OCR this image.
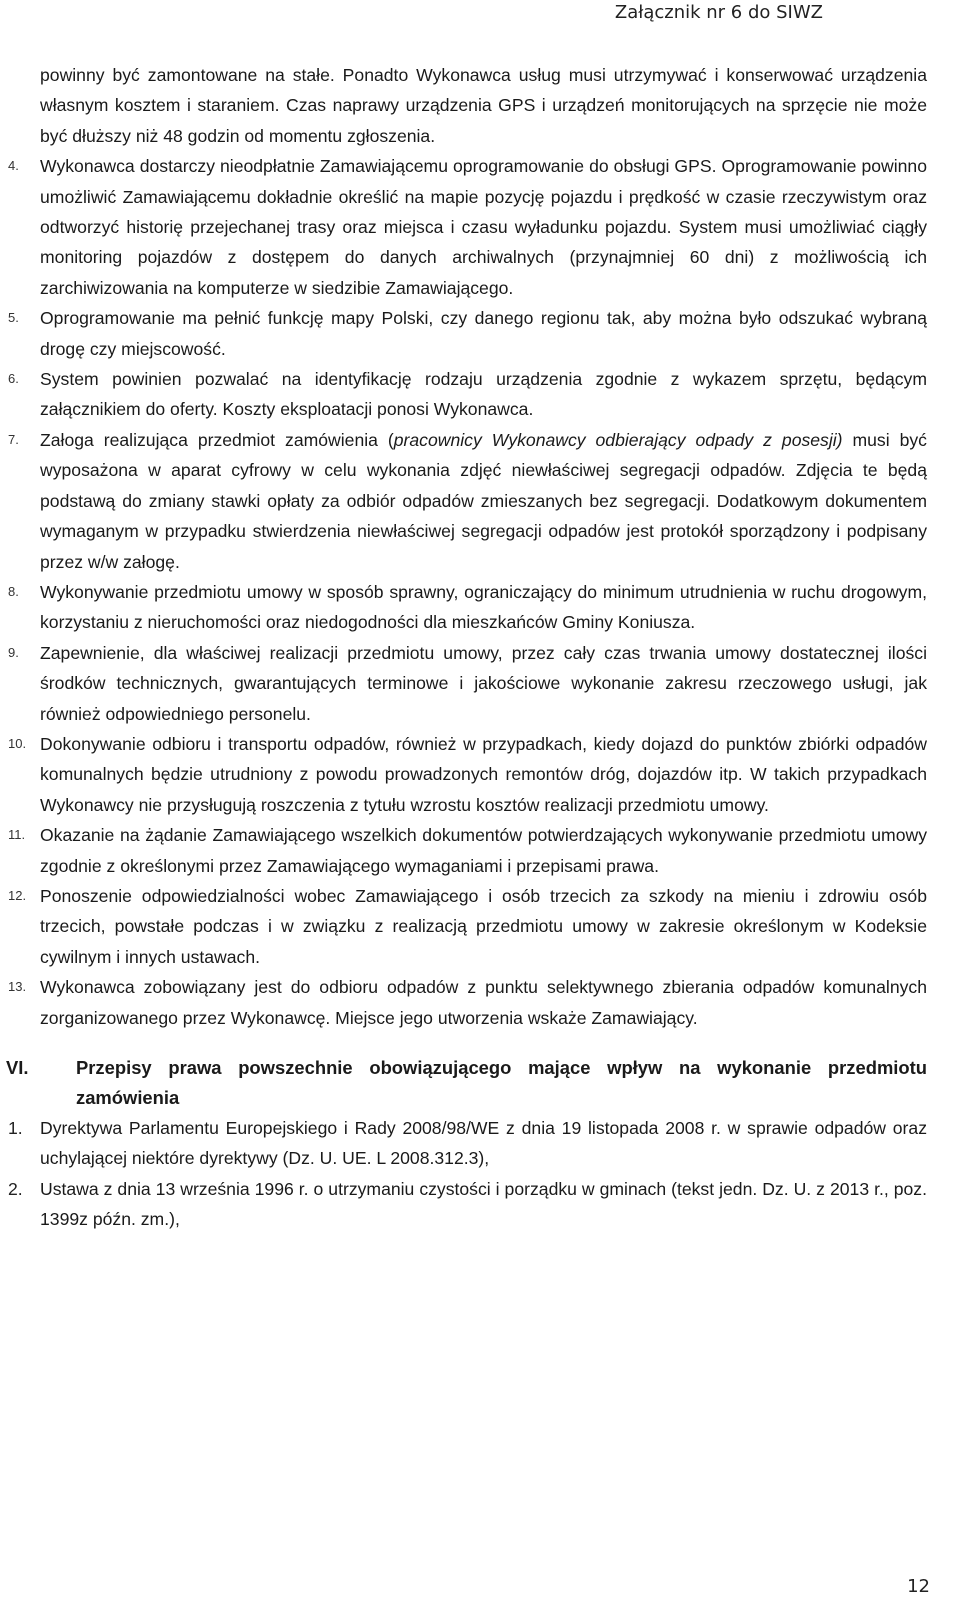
Załącznik nr 6 do SIWZ
powinny być zamontowane na stałe. Ponadto Wykonawca usług musi utrzymywać i konserwować urządzenia własnym kosztem i staraniem. Czas naprawy urządzenia GPS i urządzeń monitorujących na sprzęcie nie może być dłuższy niż 48 godzin od momentu zgłoszenia.
4.	Wykonawca dostarczy nieodpłatnie Zamawiającemu oprogramowanie do obsługi GPS. Oprogramowanie powinno umożliwić Zamawiającemu dokładnie określić na mapie pozycję pojazdu i prędkość w czasie rzeczywistym oraz odtworzyć historię przejechanej trasy oraz miejsca i czasu wyładunku pojazdu. System musi umożliwiać ciągły monitoring pojazdów z dostępem do danych archiwalnych (przynajmniej 60 dni) z możliwością ich zarchiwizowania na komputerze w siedzibie Zamawiającego.
5.	Oprogramowanie ma pełnić funkcję mapy Polski, czy danego regionu tak, aby można było odszukać wybraną drogę czy miejscowość.
6.	System powinien pozwalać na identyfikację rodzaju urządzenia zgodnie z wykazem sprzętu, będącym załącznikiem do oferty. Koszty eksploatacji ponosi Wykonawca.
7.	Załoga realizująca przedmiot zamówienia (pracownicy Wykonawcy odbierający odpady z posesji) musi być wyposażona w aparat cyfrowy w celu wykonania zdjęć niewłaściwej segregacji odpadów. Zdjęcia te będą podstawą do zmiany stawki opłaty za odbiór odpadów zmieszanych bez segregacji. Dodatkowym dokumentem wymaganym w przypadku stwierdzenia niewłaściwej segregacji odpadów jest protokół sporządzony i podpisany przez w/w załogę.
8.	Wykonywanie przedmiotu umowy w sposób sprawny, ograniczający do minimum utrudnienia w ruchu drogowym, korzystaniu z nieruchomości oraz niedogodności dla mieszkańców Gminy Koniusza.
9.	Zapewnienie, dla właściwej realizacji przedmiotu umowy, przez cały czas trwania umowy dostatecznej ilości środków technicznych, gwarantujących terminowe i jakościowe wykonanie zakresu rzeczowego usługi, jak również odpowiedniego personelu.
10. Dokonywanie odbioru i transportu odpadów, również w przypadkach, kiedy dojazd do punktów zbiórki odpadów komunalnych będzie utrudniony z powodu prowadzonych remontów dróg, dojazdów itp. W takich przypadkach Wykonawcy nie przysługują roszczenia z tytułu wzrostu kosztów realizacji przedmiotu umowy.
11. Okazanie na żądanie Zamawiającego wszelkich dokumentów potwierdzających wykonywanie przedmiotu umowy zgodnie z określonymi przez Zamawiającego wymaganiami i przepisami prawa.
12. Ponoszenie odpowiedzialności wobec Zamawiającego i osób trzecich za szkody na mieniu i zdrowiu osób trzecich, powstałe podczas i w związku z realizacją przedmiotu umowy w zakresie określonym w Kodeksie cywilnym i innych ustawach.
13. Wykonawca zobowiązany jest do odbioru odpadów z punktu selektywnego zbierania odpadów komunalnych zorganizowanego przez Wykonawcę. Miejsce jego utworzenia wskaże Zamawiający.
VI.	Przepisy prawa powszechnie obowiązującego mające wpływ na wykonanie przedmiotu zamówienia
1. Dyrektywa Parlamentu Europejskiego i Rady 2008/98/WE z dnia 19 listopada 2008 r. w sprawie odpadów oraz uchylającej niektóre dyrektywy (Dz. U. UE. L 2008.312.3),
2. Ustawa z dnia 13 września 1996 r. o utrzymaniu czystości i porządku w gminach (tekst jedn. Dz. U. z 2013 r., poz. 1399z późn. zm.),
12
